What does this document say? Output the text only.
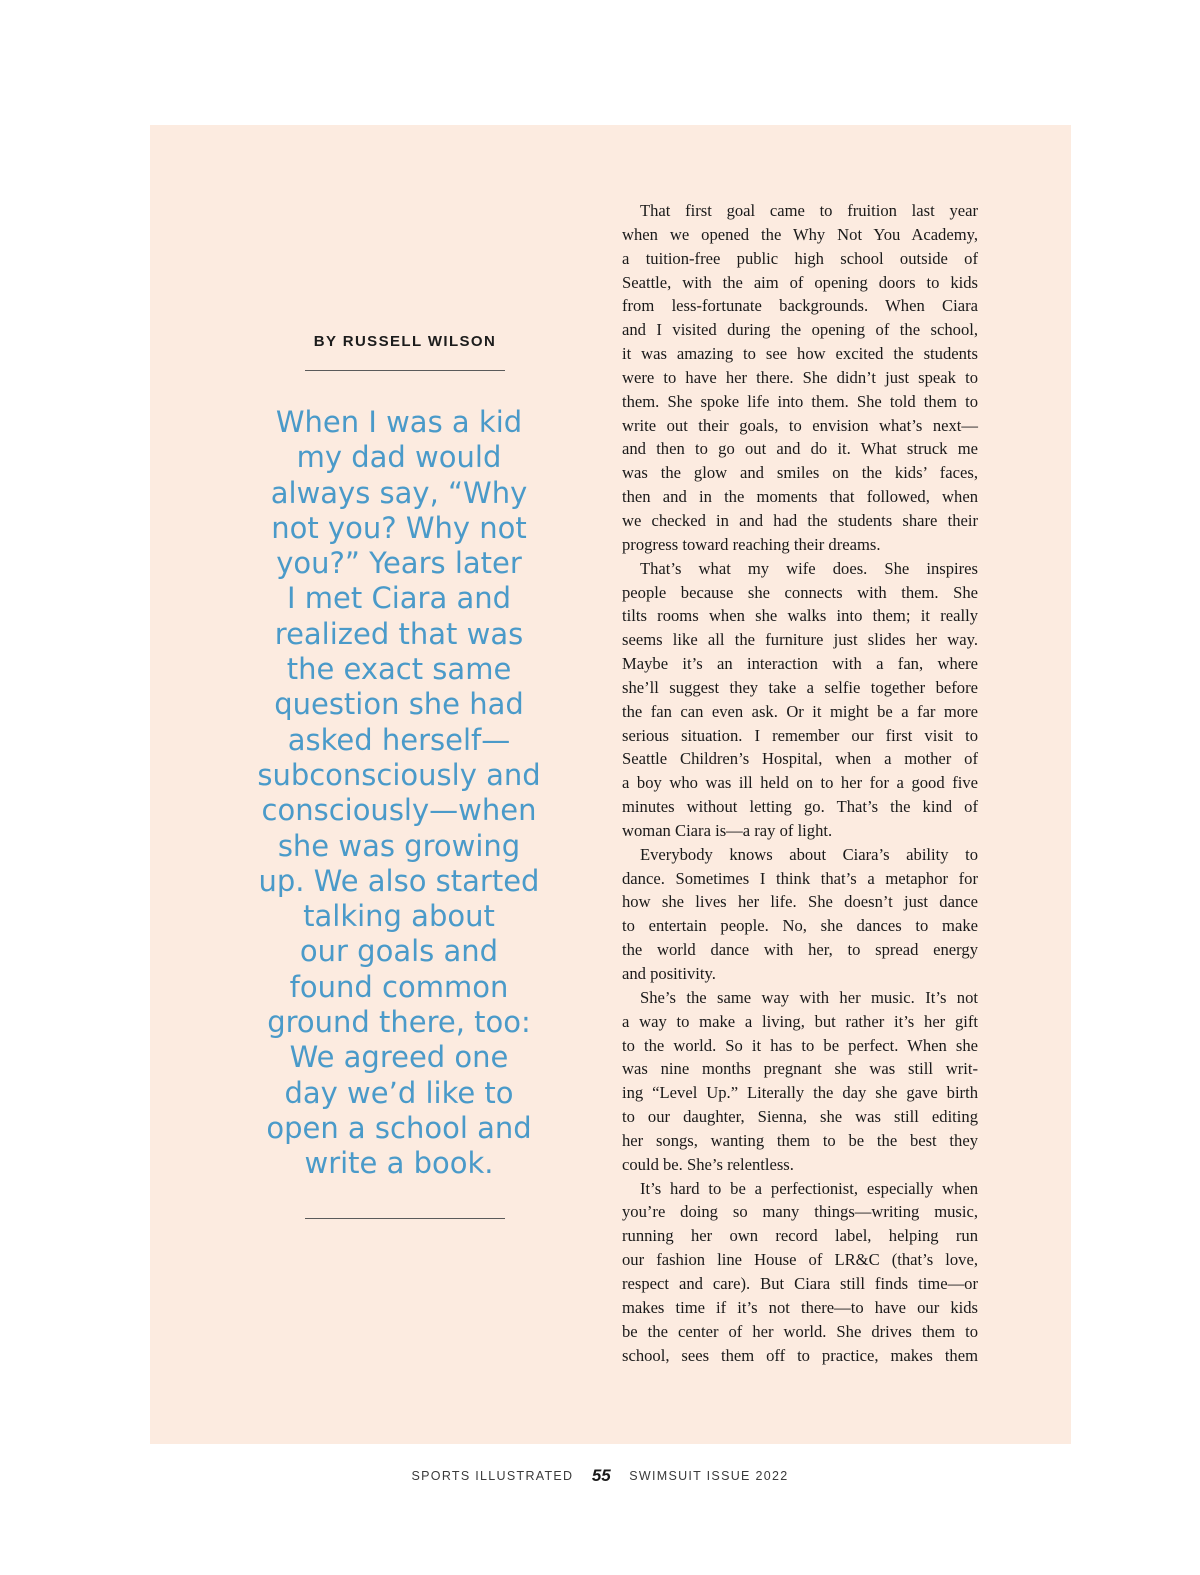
BY RUSSELL WILSON
When I was a kid
my dad would
always say, “Why
not you? Why not
you?” Years later
I met Ciara and
realized that was
the exact same
question she had
asked herself—
subconsciously and
consciously—when
she was growing
up. We also started
talking about
our goals and
found common
ground there, too:
We agreed one
day we’d like to
open a school and
write a book.
That first goal came to fruition last year
when we opened the Why Not You Academy,
a tuition-free public high school outside of
Seattle, with the aim of opening doors to kids
from less-fortunate backgrounds. When Ciara
and I visited during the opening of the school,
it was amazing to see how excited the students
were to have her there. She didn’t just speak to
them. She spoke life into them. She told them to
write out their goals, to envision what’s next—
and then to go out and do it. What struck me
was the glow and smiles on the kids’ faces,
then and in the moments that followed, when
we checked in and had the students share their
progress toward reaching their dreams.
That’s what my wife does. She inspires
people because she connects with them. She
tilts rooms when she walks into them; it really
seems like all the furniture just slides her way.
Maybe it’s an interaction with a fan, where
she’ll suggest they take a selfie together before
the fan can even ask. Or it might be a far more
serious situation. I remember our first visit to
Seattle Children’s Hospital, when a mother of
a boy who was ill held on to her for a good five
minutes without letting go. That’s the kind of
woman Ciara is—a ray of light.
Everybody knows about Ciara’s ability to
dance. Sometimes I think that’s a metaphor for
how she lives her life. She doesn’t just dance
to entertain people. No, she dances to make
the world dance with her, to spread energy
and positivity.
She’s the same way with her music. It’s not
a way to make a living, but rather it’s her gift
to the world. So it has to be perfect. When she
was nine months pregnant she was still writ-
ing “Level Up.” Literally the day she gave birth
to our daughter, Sienna, she was still editing
her songs, wanting them to be the best they
could be. She’s relentless.
It’s hard to be a perfectionist, especially when
you’re doing so many things—writing music,
running her own record label, helping run
our fashion line House of LR&C (that’s love,
respect and care). But Ciara still finds time—or
makes time if it’s not there—to have our kids
be the center of her world. She drives them to
school, sees them off to practice, makes them
SPORTS ILLUSTRATED 55 SWIMSUIT ISSUE 2022
